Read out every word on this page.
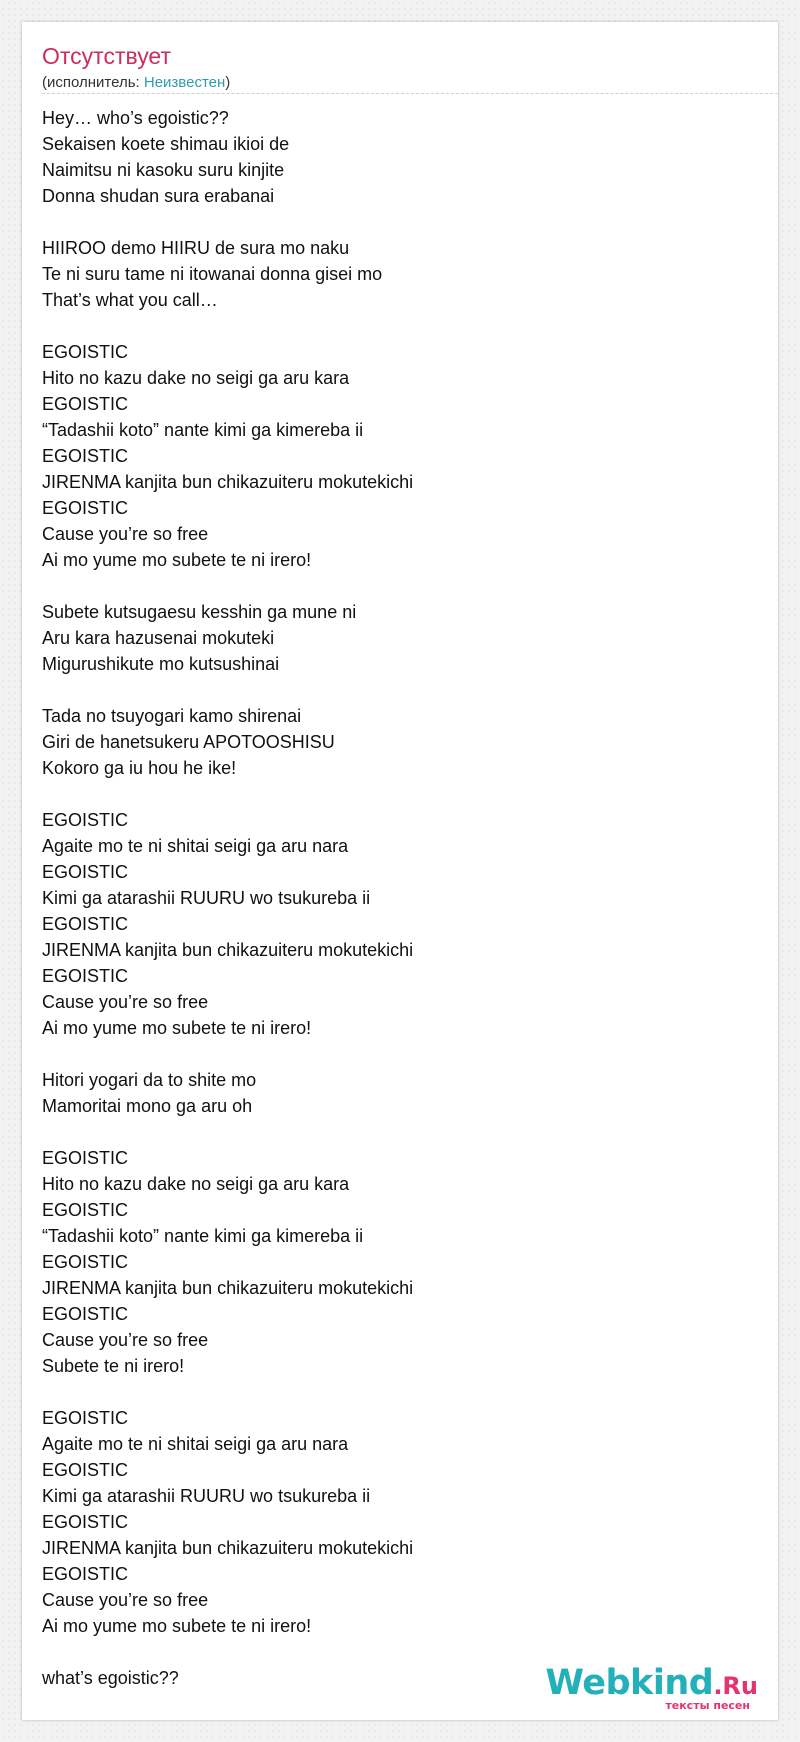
Отсутствует
(исполнитель: Неизвестен)
Hey… who’s egoistic??
Sekaisen koete shimau ikioi de
Naimitsu ni kasoku suru kinjite
Donna shudan sura erabanai
HIIROO demo HIIRU de sura mo naku
Te ni suru tame ni itowanai donna gisei mo
That’s what you call…
EGOISTIC
Hito no kazu dake no seigi ga aru kara
EGOISTIC
“Tadashii koto” nante kimi ga kimereba ii
EGOISTIC
JIRENMA kanjita bun chikazuiteru mokutekichi
EGOISTIC
Cause you’re so free
Ai mo yume mo subete te ni irero!
Subete kutsugaesu kesshin ga mune ni
Aru kara hazusenai mokuteki
Migurushikute mo kutsushinai
Tada no tsuyogari kamo shirenai
Giri de hanetsukeru APOTOOSHISU
Kokoro ga iu hou he ike!
EGOISTIC
Agaite mo te ni shitai seigi ga aru nara
EGOISTIC
Kimi ga atarashii RUURU wo tsukureba ii
EGOISTIC
JIRENMA kanjita bun chikazuiteru mokutekichi
EGOISTIC
Cause you’re so free
Ai mo yume mo subete te ni irero!
Hitori yogari da to shite mo
Mamoritai mono ga aru oh
EGOISTIC
Hito no kazu dake no seigi ga aru kara
EGOISTIC
“Tadashii koto” nante kimi ga kimereba ii
EGOISTIC
JIRENMA kanjita bun chikazuiteru mokutekichi
EGOISTIC
Cause you’re so free
Subete te ni irero!
EGOISTIC
Agaite mo te ni shitai seigi ga aru nara
EGOISTIC
Kimi ga atarashii RUURU wo tsukureba ii
EGOISTIC
JIRENMA kanjita bun chikazuiteru mokutekichi
EGOISTIC
Cause you’re so free
Ai mo yume mo subete te ni irero!
what’s egoistic??	Webkind.Ru
тексты песен
